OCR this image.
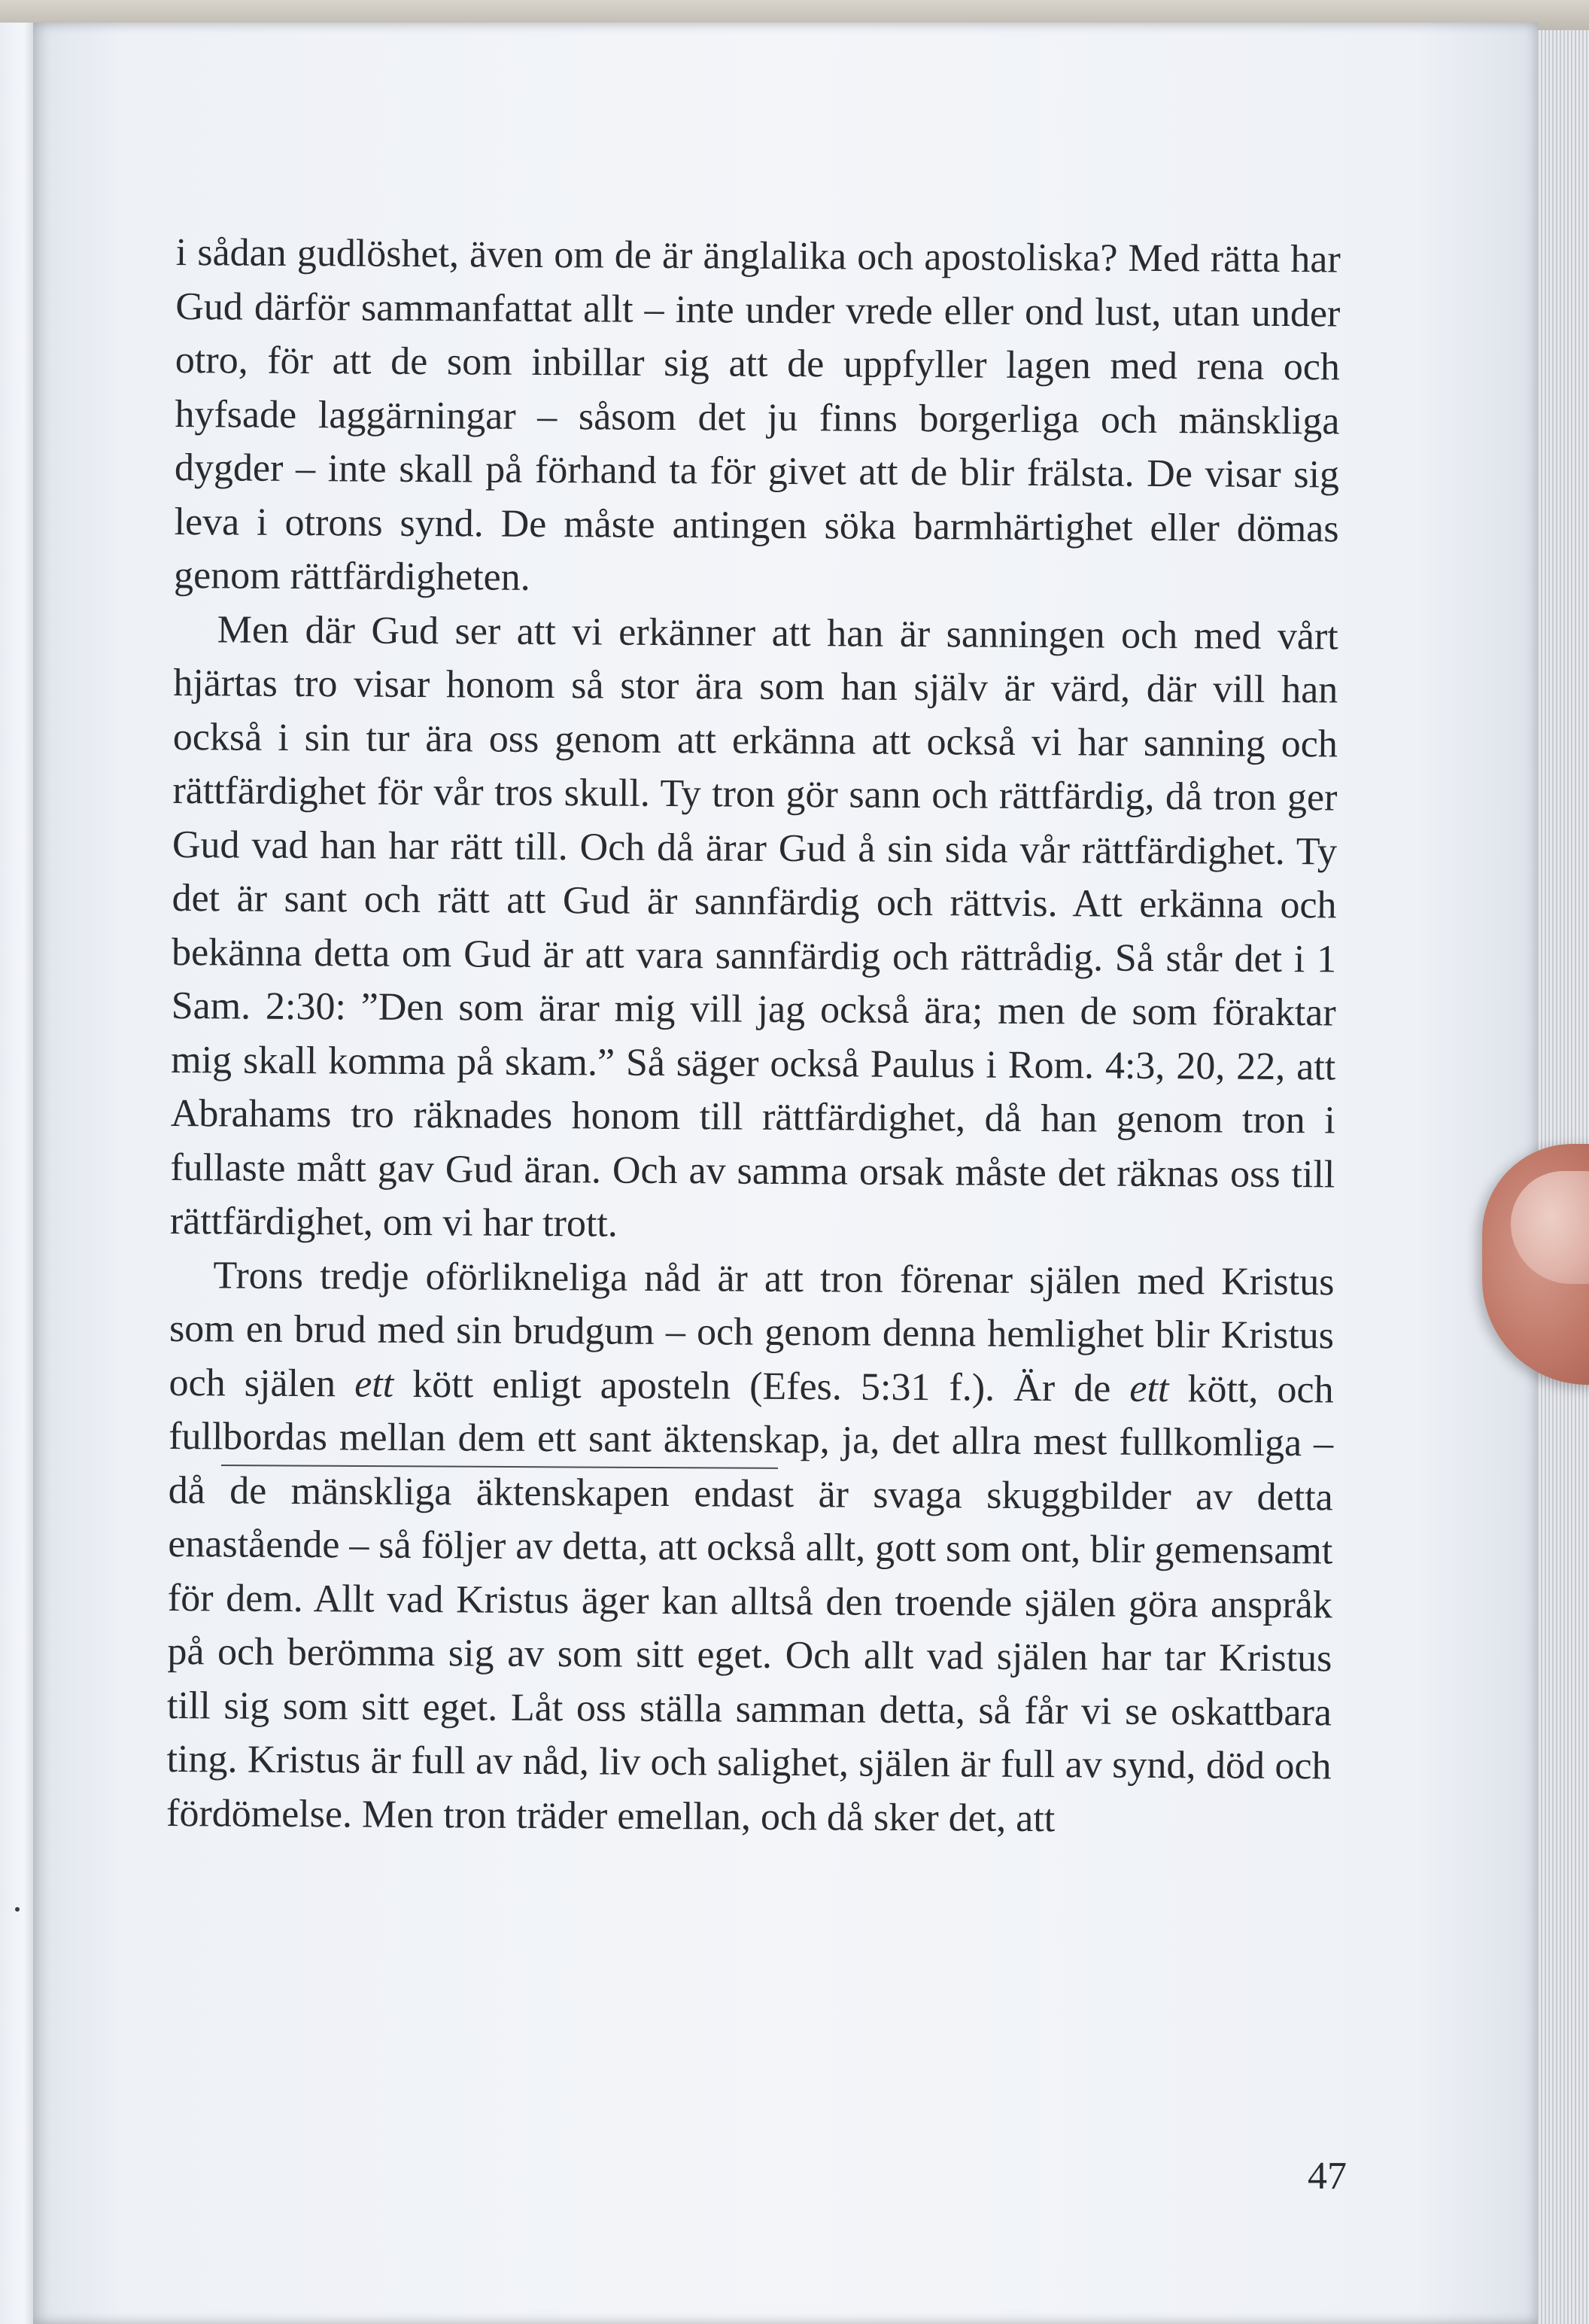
i sådan gudlöshet, även om de är änglalika och apostoliska? Med rätta har Gud därför sammanfattat allt – inte under vrede eller ond lust, utan under otro, för att de som inbillar sig att de uppfyller lagen med rena och hyfsade laggärningar – såsom det ju finns borgerliga och mänskliga dygder – inte skall på förhand ta för givet att de blir frälsta. De visar sig leva i otrons synd. De måste antingen söka barmhärtighet eller dömas genom rättfärdigheten.

Men där Gud ser att vi erkänner att han är sanningen och med vårt hjärtas tro visar honom så stor ära som han själv är värd, där vill han också i sin tur ära oss genom att erkänna att också vi har sanning och rättfärdighet för vår tros skull. Ty tron gör sann och rättfärdig, då tron ger Gud vad han har rätt till. Och då ärar Gud å sin sida vår rättfärdighet. Ty det är sant och rätt att Gud är sannfärdig och rättvis. Att erkänna och bekänna detta om Gud är att vara sannfärdig och rättrådig. Så står det i 1 Sam. 2:30: ”Den som ärar mig vill jag också ära; men de som föraktar mig skall komma på skam.” Så säger också Paulus i Rom. 4:3, 20, 22, att Abrahams tro räknades honom till rättfärdighet, då han genom tron i fullaste mått gav Gud äran. Och av samma orsak måste det räknas oss till rättfärdighet, om vi har trott.

Trons tredje oförlikneliga nåd är att tron förenar själen med Kristus som en brud med sin brudgum – och genom denna hemlighet blir Kristus och själen ett kött enligt aposteln (Efes. 5:31 f.). Är de ett kött, och fullbordas mellan dem ett sant äktenskap, ja, det allra mest fullkomliga – då de mänskliga äktenskapen endast är svaga skuggbilder av detta enastående – så följer av detta, att också allt, gott som ont, blir gemensamt för dem. Allt vad Kristus äger kan alltså den troende själen göra anspråk på och berömma sig av som sitt eget. Och allt vad själen har tar Kristus till sig som sitt eget. Låt oss ställa samman detta, så får vi se oskattbara ting. Kristus är full av nåd, liv och salighet, själen är full av synd, död och fördömelse. Men tron träder emellan, och då sker det, att

47
